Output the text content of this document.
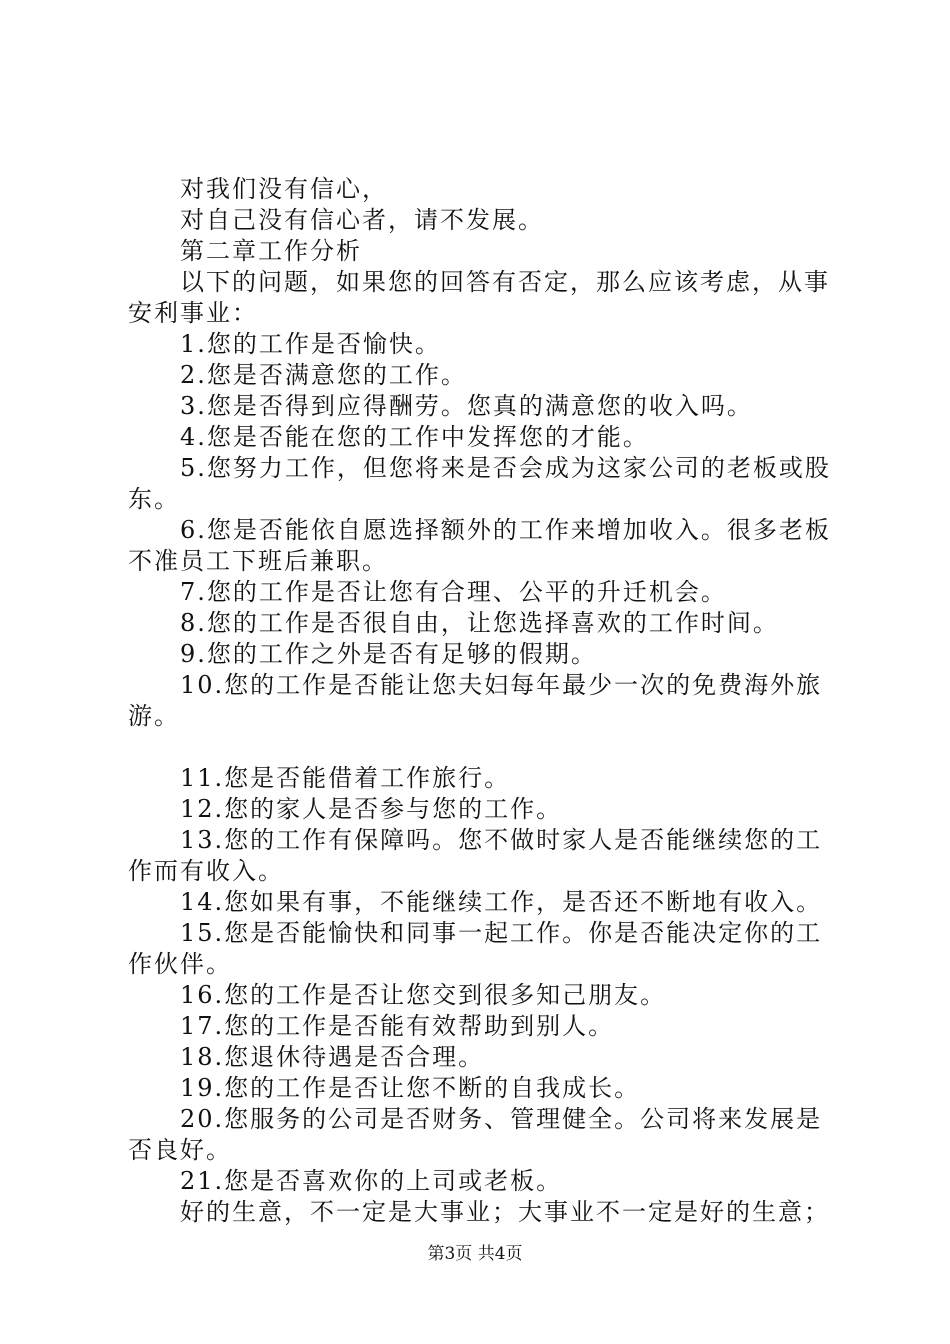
对我们没有信心，

对自己没有信心者，请不发展。

第二章工作分析

以下的问题，如果您的回答有否定，那么应该考虑，从事安利事业：

1.您的工作是否愉快。

2.您是否满意您的工作。

3.您是否得到应得酬劳。您真的满意您的收入吗。

4.您是否能在您的工作中发挥您的才能。

5.您努力工作，但您将来是否会成为这家公司的老板或股东。

6.您是否能依自愿选择额外的工作来增加收入。很多老板不准员工下班后兼职。

7.您的工作是否让您有合理、公平的升迁机会。

8.您的工作是否很自由，让您选择喜欢的工作时间。

9.您的工作之外是否有足够的假期。

10.您的工作是否能让您夫妇每年最少一次的免费海外旅游。

11.您是否能借着工作旅行。

12.您的家人是否参与您的工作。

13.您的工作有保障吗。您不做时家人是否能继续您的工作而有收入。

14.您如果有事，不能继续工作，是否还不断地有收入。

15.您是否能愉快和同事一起工作。你是否能决定你的工作伙伴。

16.您的工作是否让您交到很多知己朋友。

17.您的工作是否能有效帮助到别人。

18.您退休待遇是否合理。

19.您的工作是否让您不断的自我成长。

20.您服务的公司是否财务、管理健全。公司将来发展是否良好。

21.您是否喜欢你的上司或老板。

好的生意，不一定是大事业；大事业不一定是好的生意；

第3页 共4页
